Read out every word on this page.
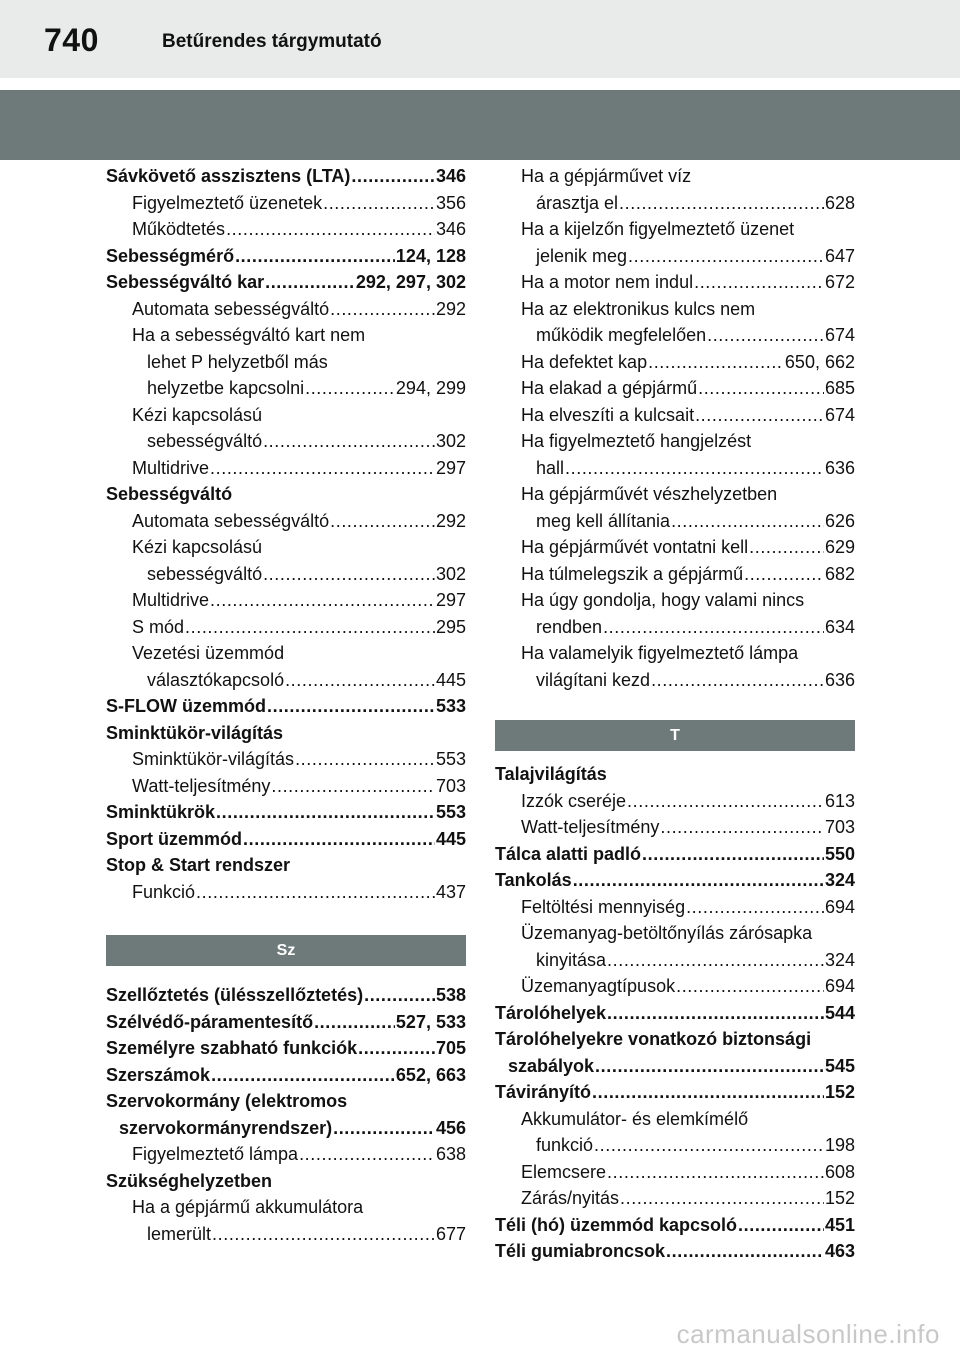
740	Betűrendes tárgymutató
Sávkövető asszisztens (LTA) .....	346
Figyelmeztető üzenetek .....	356
Működtetés .....	346
Sebességmérő .....	124, 128
Sebességváltó kar .....	292, 297, 302
Automata sebességváltó .....	292
Ha a sebességváltó kart nem
lehet P helyzetből más
helyzetbe kapcsolni .....	294, 299
Kézi kapcsolású
sebességváltó .....	302
Multidrive .....	297
Sebességváltó
Automata sebességváltó .....	292
Kézi kapcsolású
sebességváltó .....	302
Multidrive .....	297
S mód .....	295
Vezetési üzemmód
választókapcsoló .....	445
S-FLOW üzemmód .....	533
Sminktükör-világítás
Sminktükör-világítás .....	553
Watt-teljesítmény .....	703
Sminktükrök .....	553
Sport üzemmód .....	445
Stop & Start rendszer
Funkció .....	437
Sz
Szellőztetés (ülésszellőztetés) .....	538
Szélvédő-páramentesítő .....	527, 533
Személyre szabható funkciók .....	705
Szerszámok .....	652, 663
Szervokormány (elektromos
szervokormányrendszer) .....	456
Figyelmeztető lámpa .....	638
Szükséghelyzetben
Ha a gépjármű akkumulátora
lemerült .....	677
Ha a gépjárművet víz
árasztja el .....	628
Ha a kijelzőn figyelmeztető üzenet
jelenik meg .....	647
Ha a motor nem indul .....	672
Ha az elektronikus kulcs nem
működik megfelelően .....	674
Ha defektet kap .....	650, 662
Ha elakad a gépjármű .....	685
Ha elveszíti a kulcsait .....	674
Ha figyelmeztető hangjelzést
hall .....	636
Ha gépjárművét vészhelyzetben
meg kell állítania .....	626
Ha gépjárművét vontatni kell .....	629
Ha túlmelegszik a gépjármű .....	682
Ha úgy gondolja, hogy valami nincs
rendben .....	634
Ha valamelyik figyelmeztető lámpa
világítani kezd .....	636
T
Talajvilágítás
Izzók cseréje .....	613
Watt-teljesítmény .....	703
Tálca alatti padló .....	550
Tankolás .....	324
Feltöltési mennyiség .....	694
Üzemanyag-betöltőnyílás zárósapka
kinyitása .....	324
Üzemanyagtípusok .....	694
Tárolóhelyek .....	544
Tárolóhelyekre vonatkozó biztonsági
szabályok .....	545
Távirányító .....	152
Akkumulátor- és elemkímélő
funkció .....	198
Elemcsere .....	608
Zárás/nyitás .....	152
Téli (hó) üzemmód kapcsoló .....	451
Téli gumiabroncsok .....	463
carmanualsonline.info
